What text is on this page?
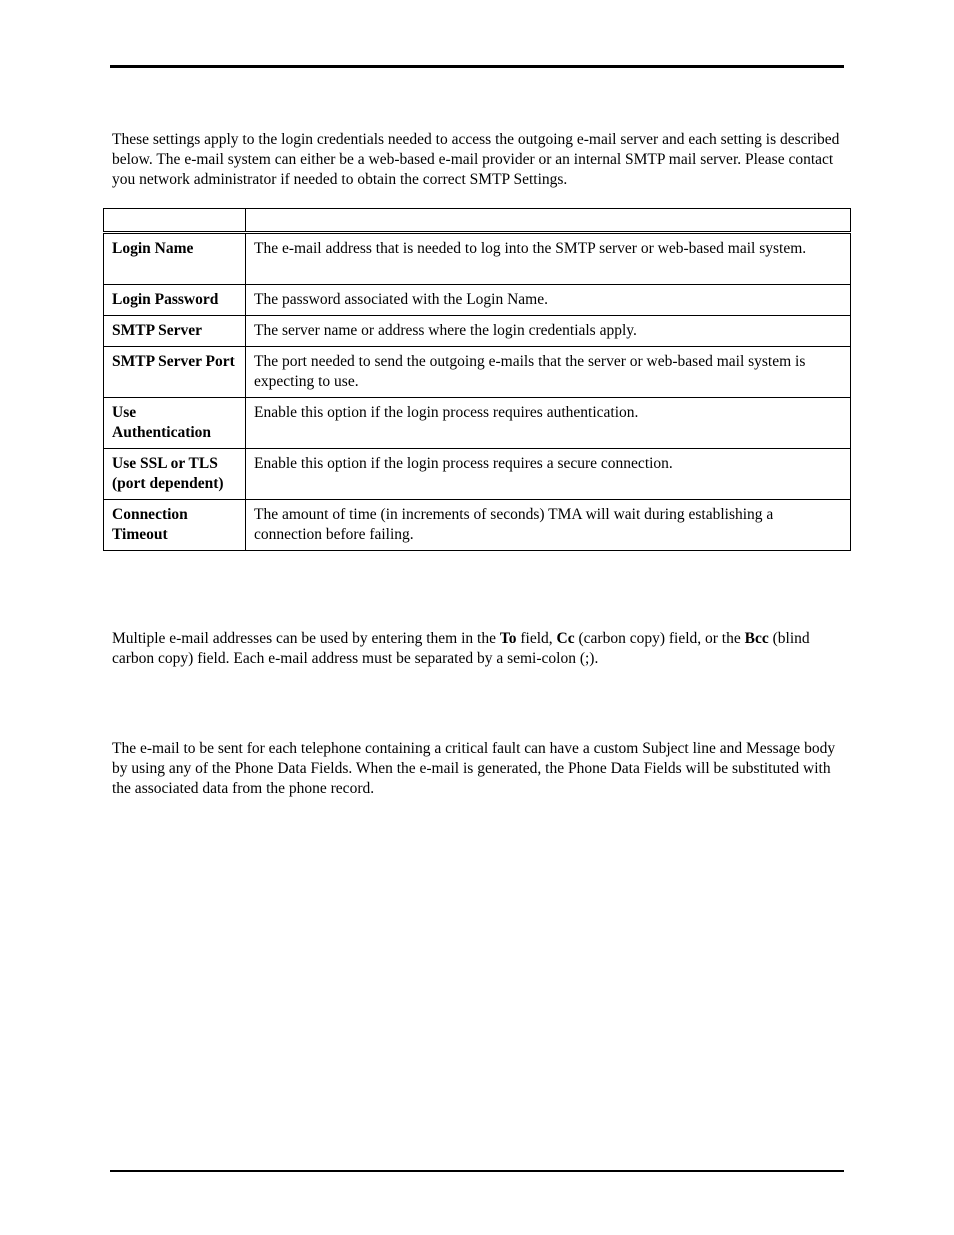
These settings apply to the login credentials needed to access the outgoing e-mail server and each setting is described below. The e-mail system can either be a web-based e-mail provider or an internal SMTP mail server. Please contact you network administrator if needed to obtain the correct SMTP Settings.

Login Name	The e-mail address that is needed to log into the SMTP server or web-based mail system.
Login Password	The password associated with the Login Name.
SMTP Server	The server name or address where the login credentials apply.
SMTP Server Port	The port needed to send the outgoing e-mails that the server or web-based mail system is expecting to use.
Use Authentication	Enable this option if the login process requires authentication.
Use SSL or TLS (port dependent)	Enable this option if the login process requires a secure connection.
Connection Timeout	The amount of time (in increments of seconds) TMA will wait during establishing a connection before failing.

Multiple e-mail addresses can be used by entering them in the To field, Cc (carbon copy) field, or the Bcc (blind carbon copy) field. Each e-mail address must be separated by a semi-colon (;).

The e-mail to be sent for each telephone containing a critical fault can have a custom Subject line and Message body by using any of the Phone Data Fields. When the e-mail is generated, the Phone Data Fields will be substituted with the associated data from the phone record.
